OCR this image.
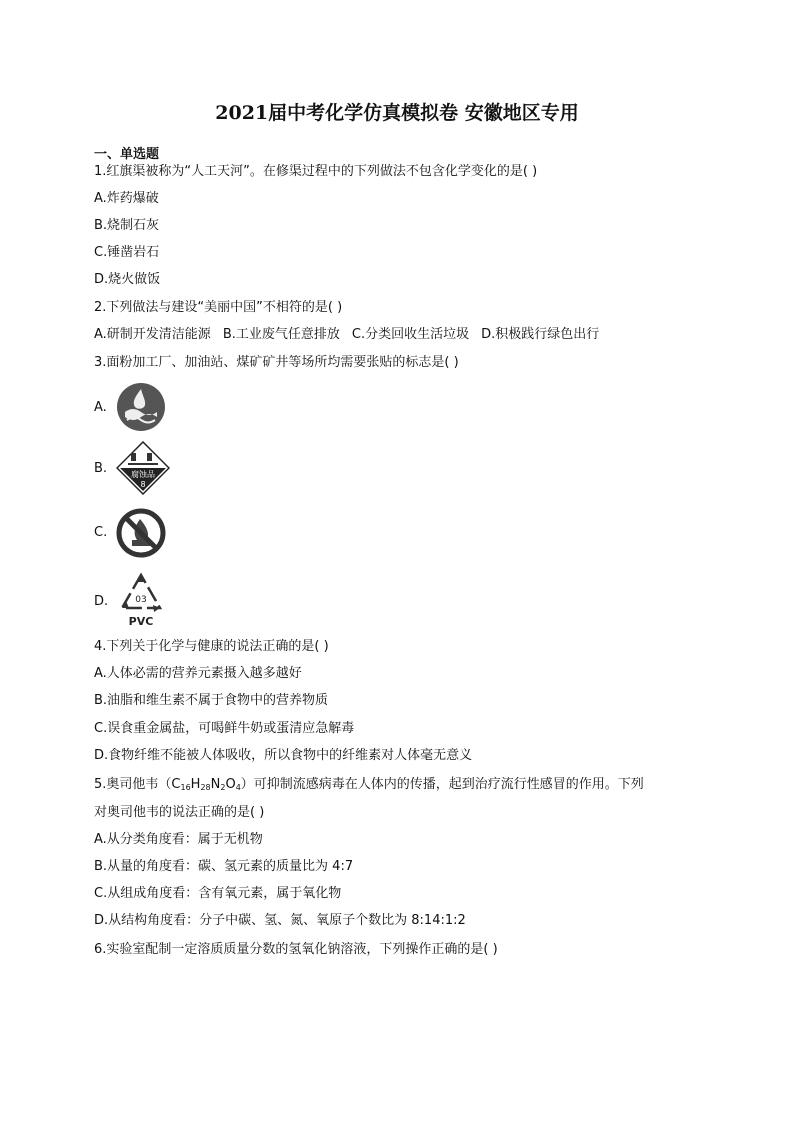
2021届中考化学仿真模拟卷 安徽地区专用
一、单选题
1.红旗渠被称为“人工天河”。在修渠过程中的下列做法不包含化学变化的是( )
A.炸药爆破
B.烧制石灰
C.锤凿岩石
D.烧火做饭
2.下列做法与建设“美丽中国”不相符的是( )
A.研制开发清洁能源 B.工业废气任意排放 C.分类回收生活垃圾 D.积极践行绿色出行
3.面粉加工厂、加油站、煤矿矿井等场所均需要张贴的标志是( )
A.
B.	腐蚀品
8
C.
D.	03
PVC
4.下列关于化学与健康的说法正确的是( )
A.人体必需的营养元素摄入越多越好
B.油脂和维生素不属于食物中的营养物质
C.误食重金属盐，可喝鲜牛奶或蛋清应急解毒
D.食物纤维不能被人体吸收，所以食物中的纤维素对人体毫无意义
5.奥司他韦$(C_{16}H_{28}N_2O_4)$可抑制流感病毒在人体内的传播，起到治疗流行性感冒的作用。下列
对奥司他韦的说法正确的是( )
A.从分类角度看：属于无机物
B.从量的角度看：碳、氢元素的质量比为 4:7
C.从组成角度看：含有氧元素，属于氧化物
D.从结构角度看：分子中碳、氢、氮、氧原子个数比为 8:14:1:2
6.实验室配制一定溶质质量分数的氢氧化钠溶液，下列操作正确的是( )
